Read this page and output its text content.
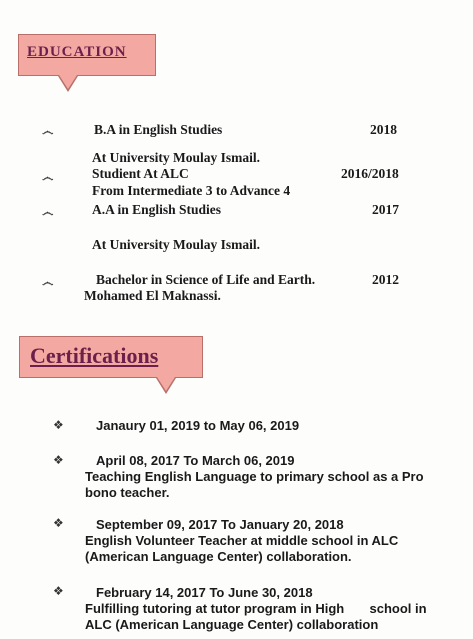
EDUCATION
෴	B.A in English Studies	2018
At University Moulay Ismail.
෴	Studient At ALC	2016/2018
From Intermediate 3 to Advance 4
෴	A.A in English Studies	2017
At University Moulay Ismail.
෴	Bachelor in Science of Life and Earth.	2012
Mohamed El Maknassi.
Certifications
❖ Janaury 01, 2019 to May 06, 2019
❖ April 08, 2017 To March 06, 2019
Teaching English Language to primary school as a Pro
bono teacher.
❖ September 09, 2017 To January 20, 2018
English Volunteer Teacher at middle school in ALC
(American Language Center) collaboration.
❖ February 14, 2017 To June 30, 2018
Fulfilling tutoring at tutor program in High       school in
ALC (American Language Center) collaboration
